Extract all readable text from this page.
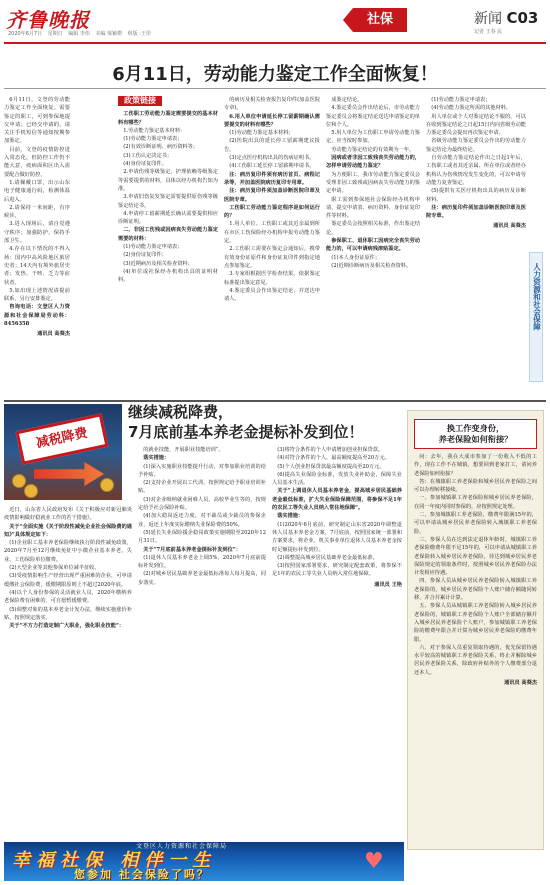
齐鲁晚报
2020年6月7日 星期日 编辑 李伟 美编 梁颖橙 组版 :王彤
社保	新闻 C03
记者 王春 民
6月11日，劳动能力鉴定工作全面恢复！

6月11日，文登的劳动能力鉴定工作全面恢复。需要鉴定的职工，可到参保地提交申请；已经交申请的，请关注手机短信等通知按期参加鉴定。

目前，文登的疫情防控进入常态化，但防控工作仍不能大意，疫病面积区出入需要配合做好防控。

1.请佩戴口罩，出示山东电子健康通行码，检测体温后进入。

2.请保持一米间距，有序候诊。

3.进入现场后，请自觉遵守秩序；加强防护，保持手部卫生。

4.存在以下情况的不得入场：国内中高风险地区旅居史者；14天内有境外旅居史者；发热、干咳、乏力等症状者。

5.如出现上述情况请提前联系，另行安排鉴定。

咨询电话：文登区人力资源和社会保障局劳动科：8456358

通讯员 高葵杰

政策链接

工伤职工劳动能力鉴定需要提交的基本材料有哪些？

1.劳动能力鉴定基本材料：

(1)劳动能力鉴定申请表；

(2)有效诊断证明、病历资料等；

(3)工伤认定决定书；

(4)身份证复印件。

2.申请伤残等级鉴定、护理依赖等级鉴定等需要提供的材料，具体以经办机构告知为准。

3.申请旧伤复发鉴定需要提供原伤残等级鉴定结论书。

4.申请停工留薪期延长确认需要提供相应诊断证明。

二、非因工伤残或因病丧失劳动能力鉴定需要的材料：

(1)劳动能力鉴定申请表；

(2)身份证复印件；

(3)近期病历及相关检查资料；

(4)单位或社保经办机构出具的证明材料。

的病历及相关检查报告复印件(加盖医院专章)。

6.用人单位申请延长停工留薪期确认需要提交的材料有哪些？

(1)劳动能力鉴定基本材料；

(2)医院出具的延长停工留薪期建议报告。

(3)定点医疗机构出具的伤病证明书。

(4)工伤职工延长停工留薪期申请书。

注：病历复印件须有病历首页、病程记录等，并加盖医院病历复印专用章。

注：病历复印件须加盖诊断医院印章及医院专章。

工伤职工劳动能力鉴定程序是如何运行的？

1.用人单位、工伤职工或其近亲属到所在市区工伤保险经办机构申报劳动能力鉴定。

2.工伤职工需要在鉴定会通知后，携带有效身份证原件和身份证复印件到指定地点参加鉴定。

3.专家组根据医学检查结果，依据鉴定标准提出鉴定意见。

4.鉴定委员会作出鉴定结论，并送达申请人。

成鉴定结论。

4.鉴定委员会作出结论后，市劳动能力鉴定委员会将鉴定结论送达申请鉴定的单位和个人。

5.用人单位为工伤职工申请劳动能力鉴定，应当按时参加。

劳动能力鉴定结论的有效期为一年。

因病或者非因工致残丧失劳动能力的，怎样申请劳动能力鉴定？

为方便职工，我市劳动能力鉴定委员会受理非因工致残或因病丧失劳动能力的鉴定申请。

职工需到参保地社会保险经办机构申请，提交申请表、病历资料、身份证复印件等材料。

鉴定委员会按照相关标准，作出鉴定结论。

参保职工、退休职工因病完全丧失劳动能力的，可以申请病残津贴鉴定。

(1)本人身份证原件；

(2)近期诊断病历及相关检查资料。

(1)劳动能力鉴定申请表；

(4)劳动能力鉴定所需的其他材料。

用人单位或个人对鉴定结论不服的，可以在收到鉴定结论之日起15日内向省级劳动能力鉴定委员会提出再次鉴定申请。

省级劳动能力鉴定委员会作出的劳动能力鉴定结论为最终结论。

自劳动能力鉴定结论作出之日起1年后，工伤职工或者其近亲属、所在单位或者经办机构认为伤残情况发生变化的，可以申请劳动能力复查鉴定。

(5)提供有关医疗机构出具的病历及诊断材料。

注：病历复印件须加盖诊断医院印章及医院专章。

通讯员 高葵杰

人力资源和社会保障
减税降费
继续减税降费，
7月底前基本养老金提标补发到位！

近日，山东省人民政府发布《关于积极应对新冠肺炎疫情影响做好稳就业工作的若干措施》。

关于“全面实施《关于阶段性减免企业社会保险费的通知》”具体规定如下：

(1)企业职工基本养老保险继续执行阶段性减免政策，2020年7月至12月继续免征中小微企业基本养老、失业、工伤保险单位缴费。

(2)大型企业等其他参保单位减半征收。

(3)受疫情影响生产经营出现严重困难的企业，可申请缓缴社会保险费，缓缴期限原则上不超过2020年底。

(4)以个人身份参保的灵活就业人员，2020年缴纳养老保险费有困难的，可自愿暂缓缴费。

(5)调整对象的基本养老金计发办法，继续实施涨价补贴，按照规定落实。

关于“不方力打造定制广大职业，强化职业技能”：

的就业技能，开展职业技能培训”。

落实措施：

(1)深入实施职业技能提升行动，对参加职业培训的给予补贴。

(2)支持企业开展以工代训，按照规定给予职业培训补贴。

(3)对企业吸纳就业困难人员、高校毕业生等的，按规定给予社会保险补贴。

(4)加大稳岗返还力度，对不裁员或少裁员的参保企业，返还上年度实际缴纳失业保险费的50%。

(5)延长失业保险援企稳岗政策实施期限至2020年12月31日。

关于“7月底前基本养老金提标补发到位”：

(1)退休人员基本养老金上调5%，2020年7月底前提标补发到位。

(2)对城乡居民基础养老金最低标准每人每月提高，同步落实。

(3)将符合条件的个人申请增加创业担保贷款。

(4)对符合条件的个人，最高额度提高至20万元。

(5)个人创业担保贷款最高额度提高至20万元。

(6)提高失业保险金标准，发放失业补助金，保障失业人员基本生活。

关于“上调退休人员基本养老金，提高城乡居民基础养老金最低标准，扩大失业保险保障范围，将参保不足1年的农民工等失业人员纳入常住地保障”。

落实措施：

(1)2020年6月底前，研究制定山东省2020年调整退休人员基本养老金方案，7月底前，按照国家统一部署和方案要求，将企业、机关事业单位退休人员基本养老金按时足额提标补发到位。

(2)调整提高城乡居民基础养老金最低标准。

(3)按照国家部署要求，研究制定配套政策，将参保不足1年的农民工等失业人员纳入常住地保障。

通讯员 王艳

换工作变身份，
养老保险如何衔接？

问：去年，我在大成市参加了一份收入不低的工作，现在工作不在城镇，想要回到老家打工，请问养老保险如何衔接？

答：在城镇职工养老保险和城乡居民养老保险之间可以办理转移接续。

一、参加城镇职工养老保险和城乡居民养老保险，在同一年度内同时参保的，应按照规定处理。

二、参加城镇职工养老保险，缴费年限满15年的，可以申请从城乡居民养老保险转入城镇职工养老保险。

三、参保人员在达到法定退休年龄时，城镇职工养老保险缴费年限不足15年的，可以申请从城镇职工养老保险转入城乡居民养老保险，待达到城乡居民养老保险规定的领取条件时，按照城乡居民养老保险办法计发相应待遇。

四、参保人员从城乡居民养老保险转入城镇职工养老保险的，城乡居民养老保险个人账户储存额随同转移，并合并累计计算。

五、参保人员从城镇职工养老保险转入城乡居民养老保险的，城镇职工养老保险个人账户全部储存额并入城乡居民养老保险个人账户，参加城镇职工养老保险的缴费年限合并计算为城乡居民养老保险的缴费年限。

六、对于参保人员重复领取待遇的，优先保留待遇水平较高的城镇职工养老保险关系，终止并解除城乡居民养老保险关系，除政府补贴外的个人缴费部分退还本人。

通讯员 高葵杰

文登区人力资源和社会保障局
幸福社保 相伴一生
您参加 社会保险了吗？
♥
